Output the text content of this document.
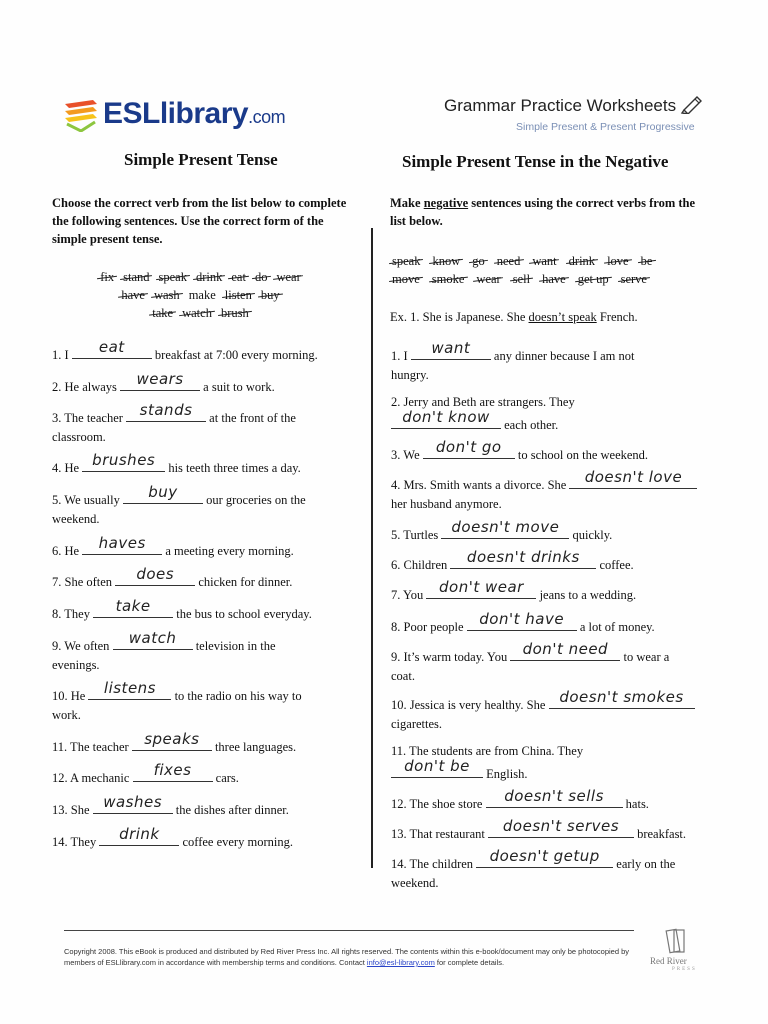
ESLlibrary.com
Grammar Practice Worksheets
Simple Present & Present Progressive
Simple Present Tense
Choose the correct verb from the list below to complete the following sentences. Use the correct form of the simple present tense.
fix stand speak drink eat do wear
have wash make listen buy
take watch brush
1. I	eat	breakfast at 7:00 every morning.
2. He always	wears	a suit to work.
3. The teacher stands	at the front of the
classroom.
4. He brushes his teeth three times a day.
5. We usually	buy	our groceries on the
weekend.
6. He	haves	a meeting every morning.
7. She often	does	chicken for dinner.
8. They	take	the bus to school everyday.
9. We often	watch	television in the
evenings.
10. He	listens	to the radio on his way to
work.
11. The teacher speaks three languages.
12. A mechanic	fixes	cars.
13. She washes the dishes after dinner.
14. They	drink	coffee every morning.
Simple Present Tense in the Negative
Make negative sentences using the correct verbs from the list below.
speak know go need want drink love be
move smoke wear sell have get up serve
Ex. 1. She is Japanese. She doesn’t speak French.
1. I	want	any dinner because I am not
hungry.
2. Jerry and Beth are strangers. They

don't know each other.
3. We don't go	to school on the weekend.
4. Mrs. Smith wants a divorce. She	doesn't love

her husband anymore.
5. Turtles doesn't move quickly.
6. Children	doesn't drinks	coffee.
7. You don't wear	jeans to a wedding.
8. Poor people don't have	a lot of money.
9. It’s warm today. You don't need to wear a
coat.
10. Jessica is very healthy. She doesn't smokes

cigarettes.
11. The students are from China. They

don't be	English.
12. The shoe store	doesn't sells	hats.
13. That restaurant doesn't serves	breakfast.
14. The children doesn't getup	early on the
weekend.
Copyright 2008. This eBook is produced and distributed by Red River Press Inc. All rights reserved. The contents within this e-book/document may only be photocopied by members of ESLlibrary.com in accordance with membership terms and conditions. Contact info@esl-library.com for complete details.	Red River
PRESS
